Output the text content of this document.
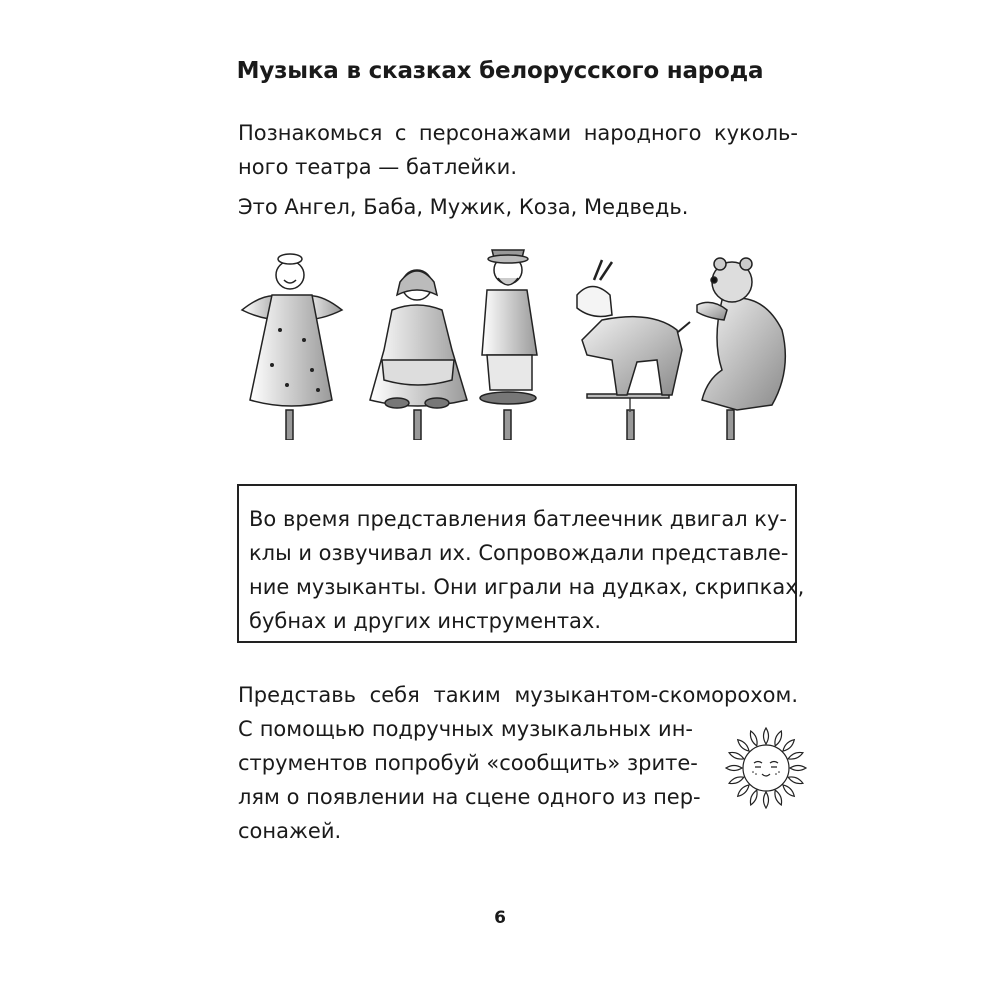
Музыка в сказках белорусского народа
Познакомься с персонажами народного куколь-
ного театра — батлейки.
Это Ангел, Баба, Мужик, Коза, Медведь.
Во время представления батлеечник двигал ку-
клы и озвучивал их. Сопровождали представле-
ние музыканты. Они играли на дудках, скрипках,
бубнах и других инструментах.
Представь себя таким музыкантом-скоморохом.
С помощью подручных музыкальных ин-
струментов попробуй «сообщить» зрите-
лям о появлении на сцене одного из пер-
сонажей.
6
